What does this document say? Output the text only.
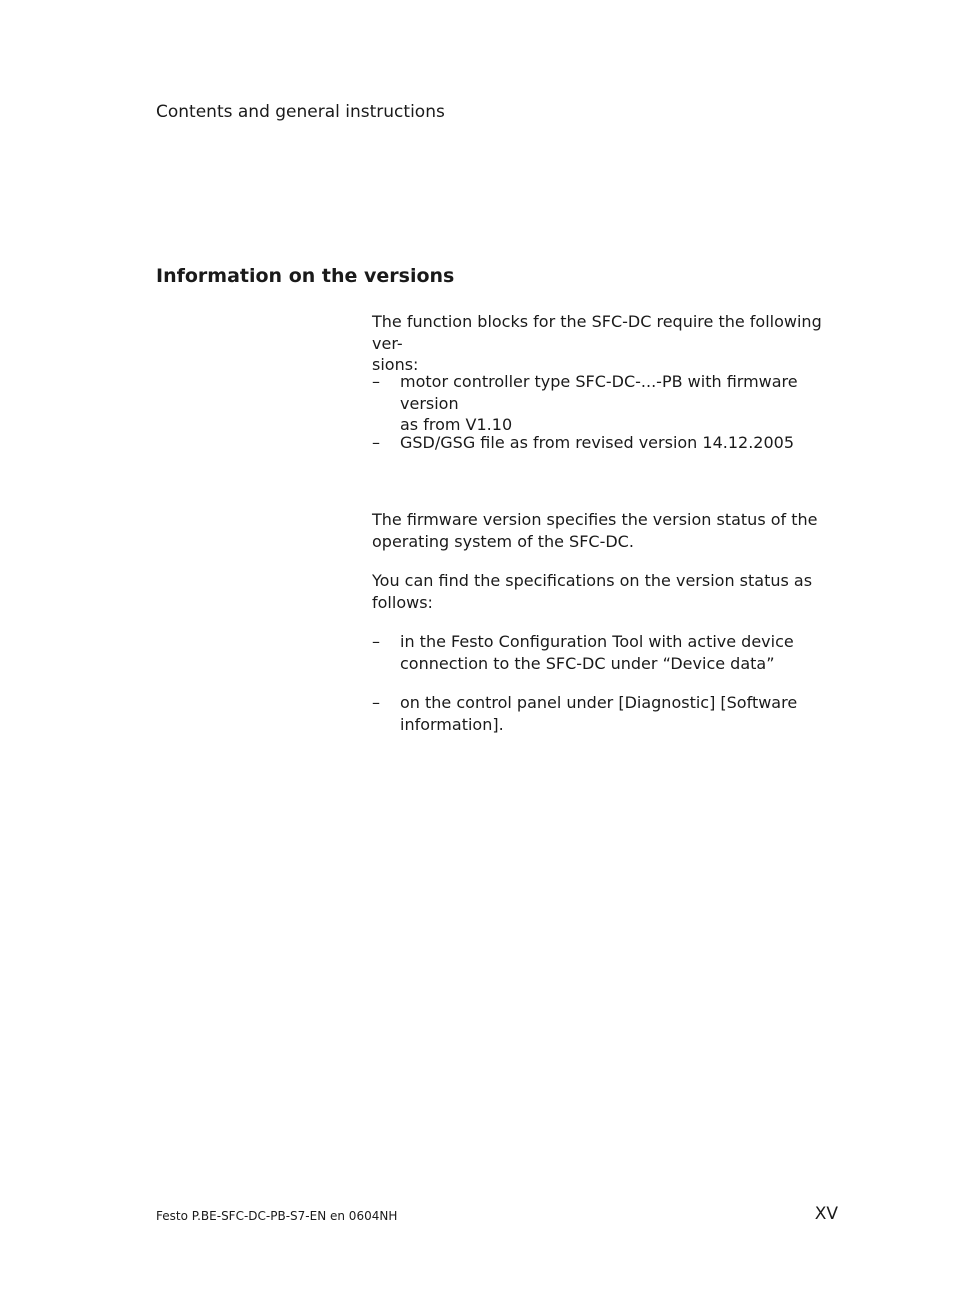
Contents and general instructions
Information on the versions
The function blocks for the SFC-DC require the following ver-
sions:
– motor controller type SFC-DC-...-PB with firmware version
as from V1.10
– GSD/GSG file as from revised version 14.12.2005
The firmware version specifies the version status of the
operating system of the SFC-DC.
You can find the specifications on the version status as
follows:
– in the Festo Configuration Tool with active device
connection to the SFC-DC under “Device data”
– on the control panel under [Diagnostic] [Software
information].
Festo P.BE-SFC-DC-PB-S7-EN en 0604NH	XV
